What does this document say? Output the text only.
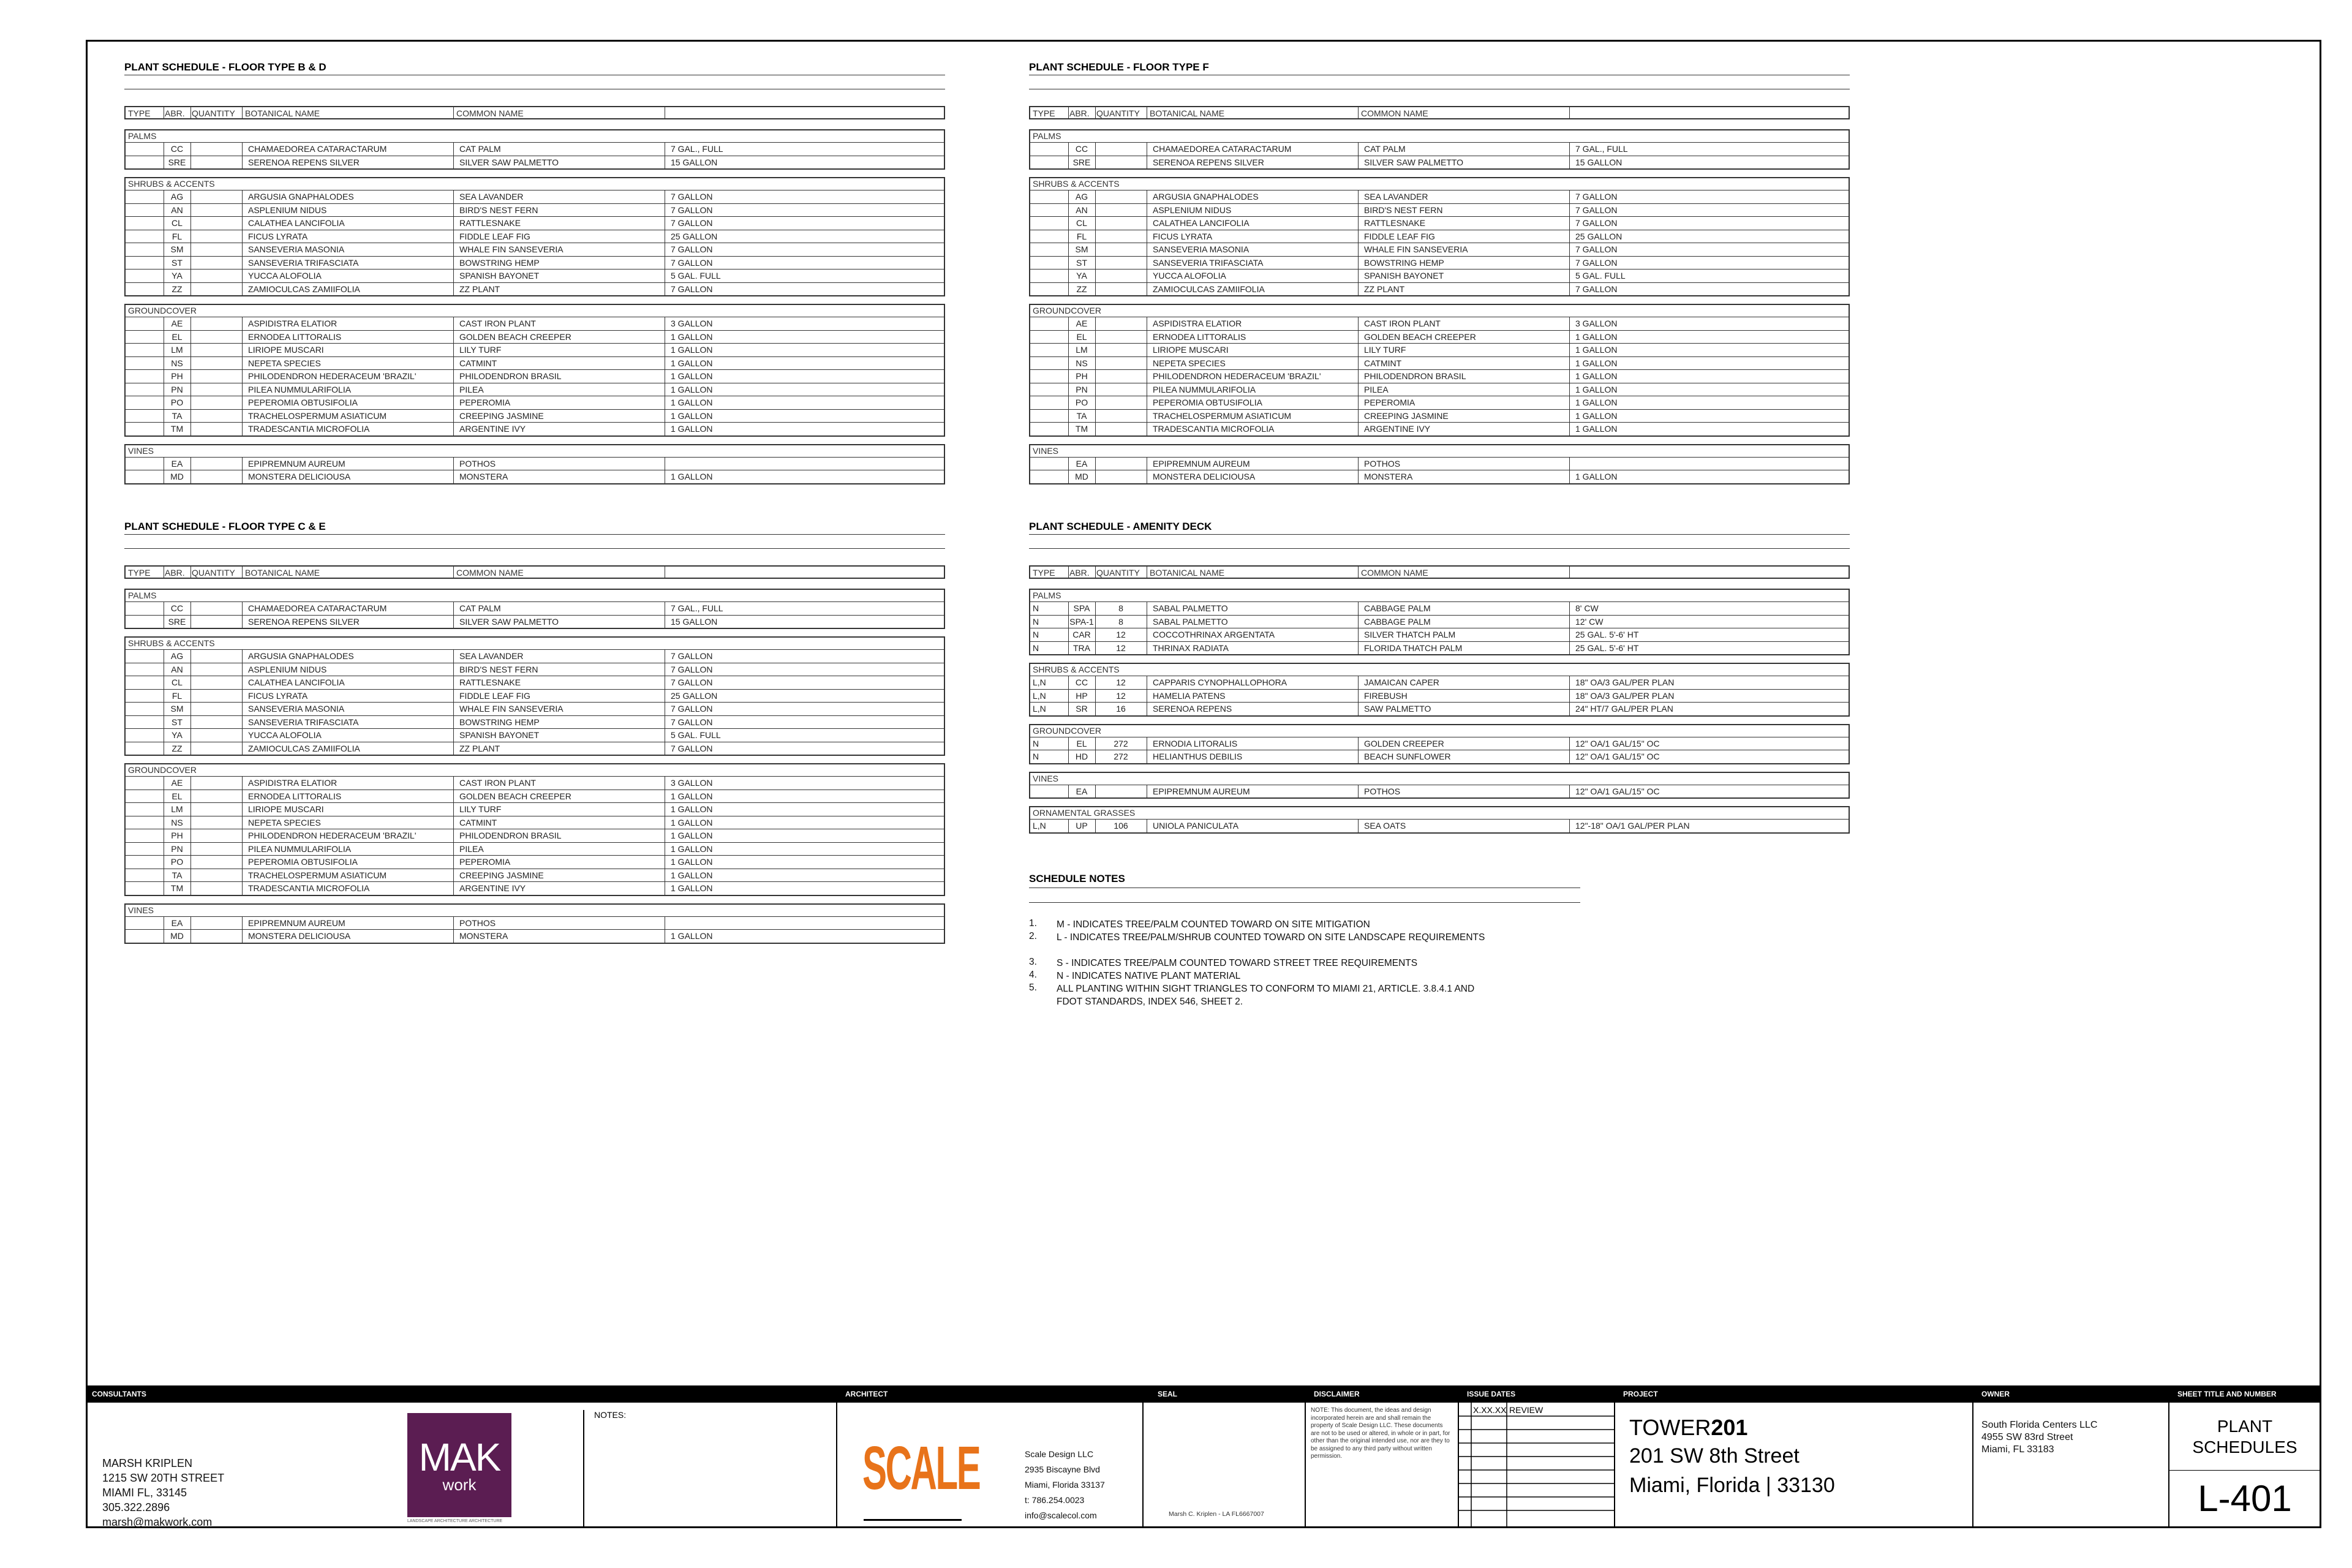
PLANT SCHEDULE - FLOOR TYPE B & D
TYPE ABR. QUANTITY BOTANICAL NAME	COMMON NAME
PALMS
CC	CHAMAEDOREA CATARACTARUM	CAT PALM	7 GAL., FULL
SRE	SERENOA REPENS SILVER	SILVER SAW PALMETTO	15 GALLON
SHRUBS & ACCENTS
AG	ARGUSIA GNAPHALODES	SEA LAVANDER	7 GALLON
AN	ASPLENIUM NIDUS	BIRD'S NEST FERN	7 GALLON
CL	CALATHEA LANCIFOLIA	RATTLESNAKE	7 GALLON
FL	FICUS LYRATA	FIDDLE LEAF FIG	25 GALLON
SM	SANSEVERIA MASONIA	WHALE FIN SANSEVERIA	7 GALLON
ST	SANSEVERIA TRIFASCIATA	BOWSTRING HEMP	7 GALLON
YA	YUCCA ALOFOLIA	SPANISH BAYONET	5 GAL. FULL
ZZ	ZAMIOCULCAS ZAMIIFOLIA	ZZ PLANT	7 GALLON
GROUNDCOVER
AE	ASPIDISTRA ELATIOR	CAST IRON PLANT	3 GALLON
EL	ERNODEA LITTORALIS	GOLDEN BEACH CREEPER	1 GALLON
LM	LIRIOPE MUSCARI	LILY TURF	1 GALLON
NS	NEPETA SPECIES	CATMINT	1 GALLON
PH	PHILODENDRON HEDERACEUM 'BRAZIL'	PHILODENDRON BRASIL	1 GALLON
PN	PILEA NUMMULARIFOLIA	PILEA	1 GALLON
PO	PEPEROMIA OBTUSIFOLIA	PEPEROMIA	1 GALLON
TA	TRACHELOSPERMUM ASIATICUM	CREEPING JASMINE	1 GALLON
TM	TRADESCANTIA MICROFOLIA	ARGENTINE IVY	1 GALLON
VINES
EA	EPIPREMNUM AUREUM	POTHOS
MD	MONSTERA DELICIOUSA	MONSTERA	1 GALLON
PLANT SCHEDULE - FLOOR TYPE C & E
TYPE ABR. QUANTITY BOTANICAL NAME	COMMON NAME
PALMS
CC	CHAMAEDOREA CATARACTARUM	CAT PALM	7 GAL., FULL
SRE	SERENOA REPENS SILVER	SILVER SAW PALMETTO	15 GALLON
SHRUBS & ACCENTS
AG	ARGUSIA GNAPHALODES	SEA LAVANDER	7 GALLON
AN	ASPLENIUM NIDUS	BIRD'S NEST FERN	7 GALLON
CL	CALATHEA LANCIFOLIA	RATTLESNAKE	7 GALLON
FL	FICUS LYRATA	FIDDLE LEAF FIG	25 GALLON
SM	SANSEVERIA MASONIA	WHALE FIN SANSEVERIA	7 GALLON
ST	SANSEVERIA TRIFASCIATA	BOWSTRING HEMP	7 GALLON
YA	YUCCA ALOFOLIA	SPANISH BAYONET	5 GAL. FULL
ZZ	ZAMIOCULCAS ZAMIIFOLIA	ZZ PLANT	7 GALLON
GROUNDCOVER
AE	ASPIDISTRA ELATIOR	CAST IRON PLANT	3 GALLON
EL	ERNODEA LITTORALIS	GOLDEN BEACH CREEPER	1 GALLON
LM	LIRIOPE MUSCARI	LILY TURF	1 GALLON
NS	NEPETA SPECIES	CATMINT	1 GALLON
PH	PHILODENDRON HEDERACEUM 'BRAZIL'	PHILODENDRON BRASIL	1 GALLON
PN	PILEA NUMMULARIFOLIA	PILEA	1 GALLON
PO	PEPEROMIA OBTUSIFOLIA	PEPEROMIA	1 GALLON
TA	TRACHELOSPERMUM ASIATICUM	CREEPING JASMINE	1 GALLON
TM	TRADESCANTIA MICROFOLIA	ARGENTINE IVY	1 GALLON
VINES
EA	EPIPREMNUM AUREUM	POTHOS
MD	MONSTERA DELICIOUSA	MONSTERA	1 GALLON
PLANT SCHEDULE - FLOOR TYPE F
TYPE ABR. QUANTITY BOTANICAL NAME	COMMON NAME
PALMS
CC	CHAMAEDOREA CATARACTARUM	CAT PALM	7 GAL., FULL
SRE	SERENOA REPENS SILVER	SILVER SAW PALMETTO	15 GALLON
SHRUBS & ACCENTS
AG	ARGUSIA GNAPHALODES	SEA LAVANDER	7 GALLON
AN	ASPLENIUM NIDUS	BIRD'S NEST FERN	7 GALLON
CL	CALATHEA LANCIFOLIA	RATTLESNAKE	7 GALLON
FL	FICUS LYRATA	FIDDLE LEAF FIG	25 GALLON
SM	SANSEVERIA MASONIA	WHALE FIN SANSEVERIA	7 GALLON
ST	SANSEVERIA TRIFASCIATA	BOWSTRING HEMP	7 GALLON
YA	YUCCA ALOFOLIA	SPANISH BAYONET	5 GAL. FULL
ZZ	ZAMIOCULCAS ZAMIIFOLIA	ZZ PLANT	7 GALLON
GROUNDCOVER
AE	ASPIDISTRA ELATIOR	CAST IRON PLANT	3 GALLON
EL	ERNODEA LITTORALIS	GOLDEN BEACH CREEPER	1 GALLON
LM	LIRIOPE MUSCARI	LILY TURF	1 GALLON
NS	NEPETA SPECIES	CATMINT	1 GALLON
PH	PHILODENDRON HEDERACEUM 'BRAZIL'	PHILODENDRON BRASIL	1 GALLON
PN	PILEA NUMMULARIFOLIA	PILEA	1 GALLON
PO	PEPEROMIA OBTUSIFOLIA	PEPEROMIA	1 GALLON
TA	TRACHELOSPERMUM ASIATICUM	CREEPING JASMINE	1 GALLON
TM	TRADESCANTIA MICROFOLIA	ARGENTINE IVY	1 GALLON
VINES
EA	EPIPREMNUM AUREUM	POTHOS
MD	MONSTERA DELICIOUSA	MONSTERA	1 GALLON
PLANT SCHEDULE - AMENITY DECK
TYPE ABR. QUANTITY BOTANICAL NAME	COMMON NAME
PALMS
N	SPA	8	SABAL PALMETTO	CABBAGE PALM	8' CW
N	SPA-1	8	SABAL PALMETTO	CABBAGE PALM	12' CW
N	CAR	12	COCCOTHRINAX ARGENTATA	SILVER THATCH PALM	25 GAL. 5'-6' HT
N	TRA	12	THRINAX RADIATA	FLORIDA THATCH PALM	25 GAL. 5'-6' HT
SHRUBS & ACCENTS
L,N	CC	12	CAPPARIS CYNOPHALLOPHORA	JAMAICAN CAPER	18" OA/3 GAL/PER PLAN
L,N	HP	12	HAMELIA PATENS	FIREBUSH	18" OA/3 GAL/PER PLAN
L,N	SR	16	SERENOA REPENS	SAW PALMETTO	24" HT/7 GAL/PER PLAN
GROUNDCOVER
N	EL	272	ERNODIA LITORALIS	GOLDEN CREEPER	12" OA/1 GAL/15" OC
N	HD	272	HELIANTHUS DEBILIS	BEACH SUNFLOWER	12" OA/1 GAL/15" OC
VINES
EA	EPIPREMNUM AUREUM	POTHOS	12" OA/1 GAL/15" OC
ORNAMENTAL GRASSES
L,N	UP	106	UNIOLA PANICULATA	SEA OATS	12"-18" OA/1 GAL/PER PLAN
SCHEDULE NOTES
1. M - INDICATES TREE/PALM COUNTED TOWARD ON SITE MITIGATION
2. L - INDICATES TREE/PALM/SHRUB COUNTED TOWARD ON SITE LANDSCAPE REQUIREMENTS
3. S - INDICATES TREE/PALM COUNTED TOWARD STREET TREE REQUIREMENTS
4. N - INDICATES NATIVE PLANT MATERIAL
5. ALL PLANTING WITHIN SIGHT TRIANGLES TO CONFORM TO MIAMI 21, ARTICLE. 3.8.4.1 AND FDOT STANDARDS, INDEX 546, SHEET 2.
CONSULTANTS	ARCHITECT	SEAL	DISCLAIMER	ISSUE DATES	PROJECT	OWNER	SHEET TITLE AND NUMBER
MARSH KRIPLEN
1215 SW 20TH STREET
MIAMI FL, 33145
305.322.2896
marsh@makwork.com
MAK
work
LANDSCAPE ARCHITECTURE ARCHITECTURE
NOTES:
SCALE	Scale Design LLC
2935 Biscayne Blvd
Miami, Florida 33137
t: 786.254.0023
info@scalecol.com	Marsh C. Kriplen - LA FL6667007
NOTE: This document, the ideas and design incorporated herein are and shall remain the property of Scale Design LLC. These documents are not to be used or altered, in whole or in part, for other than the original intended use, nor are they to be assigned to any third party without written permission.
X.XX.XX REVIEW
TOWER201
201 SW 8th Street
Miami, Florida | 33130
South Florida Centers LLC
4955 SW 83rd Street
Miami, FL 33183
PLANT
SCHEDULES
L-401
